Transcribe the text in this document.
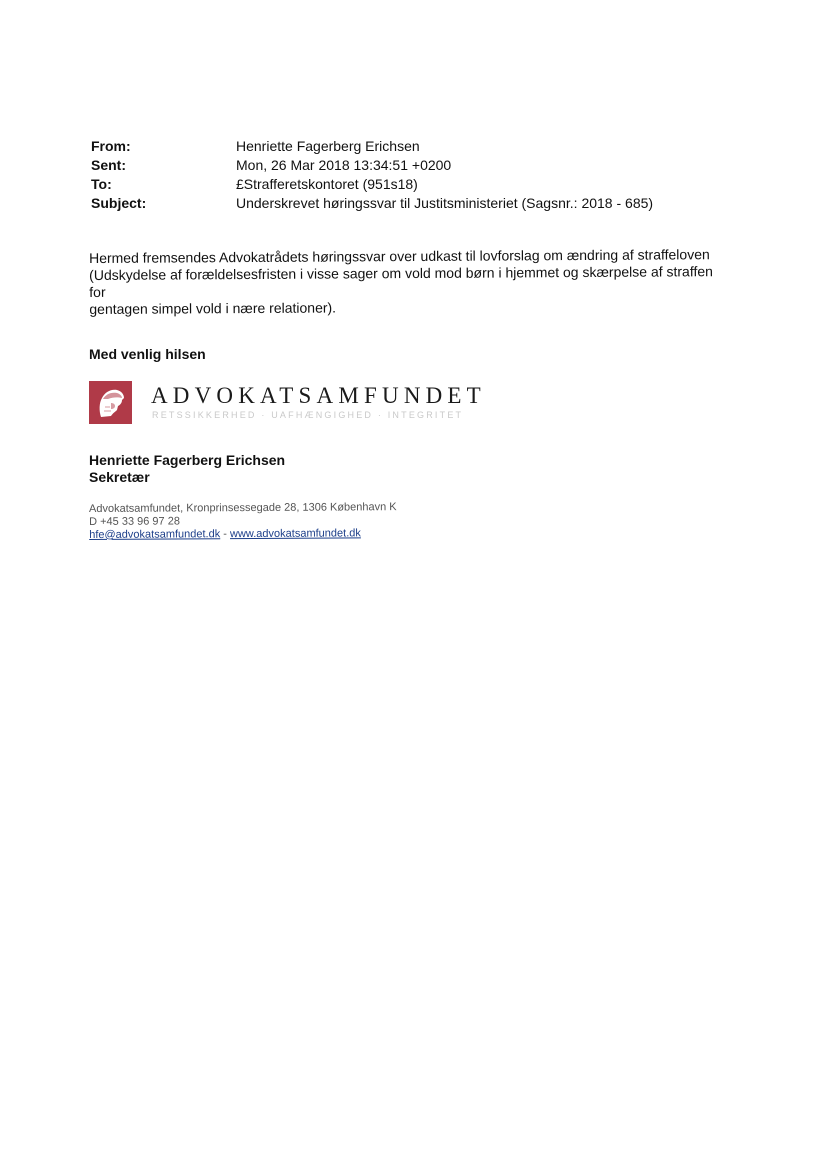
From:	Henriette Fagerberg Erichsen
Sent:	Mon, 26 Mar 2018 13:34:51 +0200
To:	£Strafferetskontoret (951s18)
Subject:	Underskrevet høringssvar til Justitsministeriet (Sagsnr.: 2018 - 685)

Hermed fremsendes Advokatrådets høringssvar over udkast til lovforslag om ændring af straffeloven

(Udskydelse af forældelsesfristen i visse sager om vold mod børn i hjemmet og skærpelse af straffen for

gentagen simpel vold i nære relationer).

Med venlig hilsen
ADVOKATSAMFUNDET
RETSSIKKERHED · UAFHÆNGIGHED · INTEGRITET
Henriette Fagerberg Erichsen
Sekretær
Advokatsamfundet, Kronprinsessegade 28, 1306 København K
D +45 33 96 97 28
hfe@advokatsamfundet.dk - www.advokatsamfundet.dk
